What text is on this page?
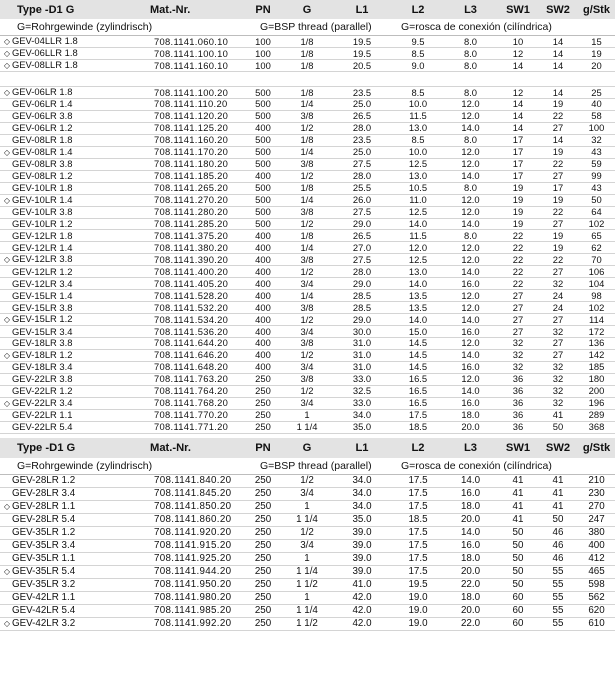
Type -D1 G	Mat.-Nr.	PN	G	L1	L2	L3	SW1	SW2	g/Stk
G=Rohrgewinde (zylindrisch)		G=BSP thread (parallel)			G=rosca de conexión (cilíndrica)				
◇ GEV-04LLR 1.8	708.1141.060.10	100	1/8	19.5	9.5	8.0	10	14	15
◇ GEV-06LLR 1.8	708.1141.100.10	100	1/8	19.5	8.5	8.0	12	14	19
◇ GEV-08LLR 1.8	708.1141.160.10	100	1/8	20.5	9.0	8.0	14	14	20

◇ GEV-06LR 1.8	708.1141.100.20	500	1/8	23.5	8.5	8.0	12	14	25
GEV-06LR 1.4	708.1141.110.20	500	1/4	25.0	10.0	12.0	14	19	40
GEV-06LR 3.8	708.1141.120.20	500	3/8	26.5	11.5	12.0	14	22	58
GEV-06LR 1.2	708.1141.125.20	400	1/2	28.0	13.0	14.0	14	27	100
GEV-08LR 1.8	708.1141.160.20	500	1/8	23.5	8.5	8.0	17	14	32
◇ GEV-08LR 1.4	708.1141.170.20	500	1/4	25.0	10.0	12.0	17	19	43
GEV-08LR 3.8	708.1141.180.20	500	3/8	27.5	12.5	12.0	17	22	59
GEV-08LR 1.2	708.1141.185.20	400	1/2	28.0	13.0	14.0	17	27	99
GEV-10LR 1.8	708.1141.265.20	500	1/8	25.5	10.5	8.0	19	17	43
◇ GEV-10LR 1.4	708.1141.270.20	500	1/4	26.0	11.0	12.0	19	19	50
GEV-10LR 3.8	708.1141.280.20	500	3/8	27.5	12.5	12.0	19	22	64
GEV-10LR 1.2	708.1141.285.20	500	1/2	29.0	14.0	14.0	19	27	102
GEV-12LR 1.8	708.1141.375.20	400	1/8	26.5	11.5	8.0	22	19	65
GEV-12LR 1.4	708.1141.380.20	400	1/4	27.0	12.0	12.0	22	19	62
◇ GEV-12LR 3.8	708.1141.390.20	400	3/8	27.5	12.5	12.0	22	22	70
GEV-12LR 1.2	708.1141.400.20	400	1/2	28.0	13.0	14.0	22	27	106
GEV-12LR 3.4	708.1141.405.20	400	3/4	29.0	14.0	16.0	22	32	104
GEV-15LR 1.4	708.1141.528.20	400	1/4	28.5	13.5	12.0	27	24	98
GEV-15LR 3.8	708.1141.532.20	400	3/8	28.5	13.5	12.0	27	24	102
◇ GEV-15LR 1.2	708.1141.534.20	400	1/2	29.0	14.0	14.0	27	27	114
GEV-15LR 3.4	708.1141.536.20	400	3/4	30.0	15.0	16.0	27	32	172
GEV-18LR 3.8	708.1141.644.20	400	3/8	31.0	14.5	12.0	32	27	136
◇ GEV-18LR 1.2	708.1141.646.20	400	1/2	31.0	14.5	14.0	32	27	142
GEV-18LR 3.4	708.1141.648.20	400	3/4	31.0	14.5	16.0	32	32	185
GEV-22LR 3.8	708.1141.763.20	250	3/8	33.0	16.5	12.0	36	32	180
GEV-22LR 1.2	708.1141.764.20	250	1/2	32.5	16.5	14.0	36	32	200
◇ GEV-22LR 3.4	708.1141.768.20	250	3/4	33.0	16.5	16.0	36	32	196
GEV-22LR 1.1	708.1141.770.20	250	1	34.0	17.5	18.0	36	41	289
GEV-22LR 5.4	708.1141.771.20	250	1 1/4	35.0	18.5	20.0	36	50	368
Type -D1 G	Mat.-Nr.	PN	G	L1	L2	L3	SW1	SW2	g/Stk
G=Rohrgewinde (zylindrisch)		G=BSP thread (parallel)			G=rosca de conexión (cilíndrica)				
GEV-28LR 1.2	708.1141.840.20	250	1/2	34.0	17.5	14.0	41	41	210
GEV-28LR 3.4	708.1141.845.20	250	3/4	34.0	17.5	16.0	41	41	230
◇ GEV-28LR 1.1	708.1141.850.20	250	1	34.0	17.5	18.0	41	41	270
GEV-28LR 5.4	708.1141.860.20	250	1 1/4	35.0	18.5	20.0	41	50	247
GEV-35LR 1.2	708.1141.920.20	250	1/2	39.0	17.5	14.0	50	46	380
GEV-35LR 3.4	708.1141.915.20	250	3/4	39.0	17.5	16.0	50	46	400
GEV-35LR 1.1	708.1141.925.20	250	1	39.0	17.5	18.0	50	46	412
◇ GEV-35LR 5.4	708.1141.944.20	250	1 1/4	39.0	17.5	20.0	50	55	465
GEV-35LR 3.2	708.1141.950.20	250	1 1/2	41.0	19.5	22.0	50	55	598
GEV-42LR 1.1	708.1141.980.20	250	1	42.0	19.0	18.0	60	55	562
GEV-42LR 5.4	708.1141.985.20	250	1 1/4	42.0	19.0	20.0	60	55	620
◇ GEV-42LR 3.2	708.1141.992.20	250	1 1/2	42.0	19.0	22.0	60	55	610
